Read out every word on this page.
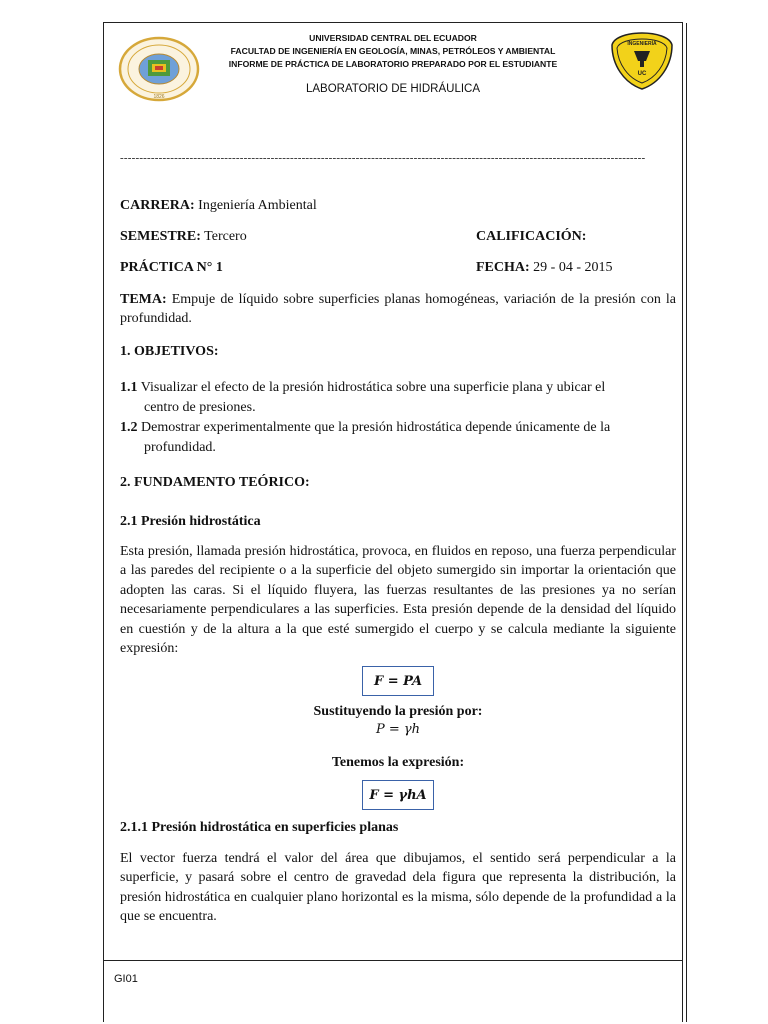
1826
INGENIERÍA
UC
UNIVERSIDAD CENTRAL DEL ECUADOR
FACULTAD DE INGENIERÍA EN GEOLOGÍA, MINAS, PETRÓLEOS Y AMBIENTAL
INFORME DE PRÁCTICA DE LABORATORIO PREPARADO POR EL ESTUDIANTE
LABORATORIO DE HIDRÁULICA
----------------------------------------------------------------------------------------------------------------------------------------
CARRERA: Ingeniería Ambiental
SEMESTRE: Tercero	CALIFICACIÓN:
PRÁCTICA N° 1	FECHA: 29 - 04 - 2015
TEMA: Empuje de líquido sobre superficies planas homogéneas, variación de la presión con la profundidad.
1. OBJETIVOS:
1.1 Visualizar el efecto de la presión hidrostática sobre una superficie plana y ubicar el
centro de presiones.
1.2 Demostrar experimentalmente que la presión hidrostática depende únicamente de la
profundidad.
2. FUNDAMENTO TEÓRICO:
2.1 Presión hidrostática
Esta presión, llamada presión hidrostática, provoca, en fluidos en reposo, una fuerza perpendicular a las paredes del recipiente o a la superficie del objeto sumergido sin importar la orientación que adopten las caras. Si el líquido fluyera, las fuerzas resultantes de las presiones ya no serían necesariamente perpendiculares a las superficies. Esta presión depende de la densidad del líquido en cuestión y de la altura a la que esté sumergido el cuerpo y se calcula mediante la siguiente expresión:
F = PA
Sustituyendo la presión por:
P = γh
Tenemos la expresión:
F = γhA
2.1.1 Presión hidrostática en superficies planas
El vector fuerza tendrá el valor del área que dibujamos, el sentido será perpendicular a la superficie, y pasará sobre el centro de gravedad dela figura que representa la distribución, la presión hidrostática en cualquier plano horizontal es la misma, sólo depende de la profundidad a la que se encuentra.
GI01
